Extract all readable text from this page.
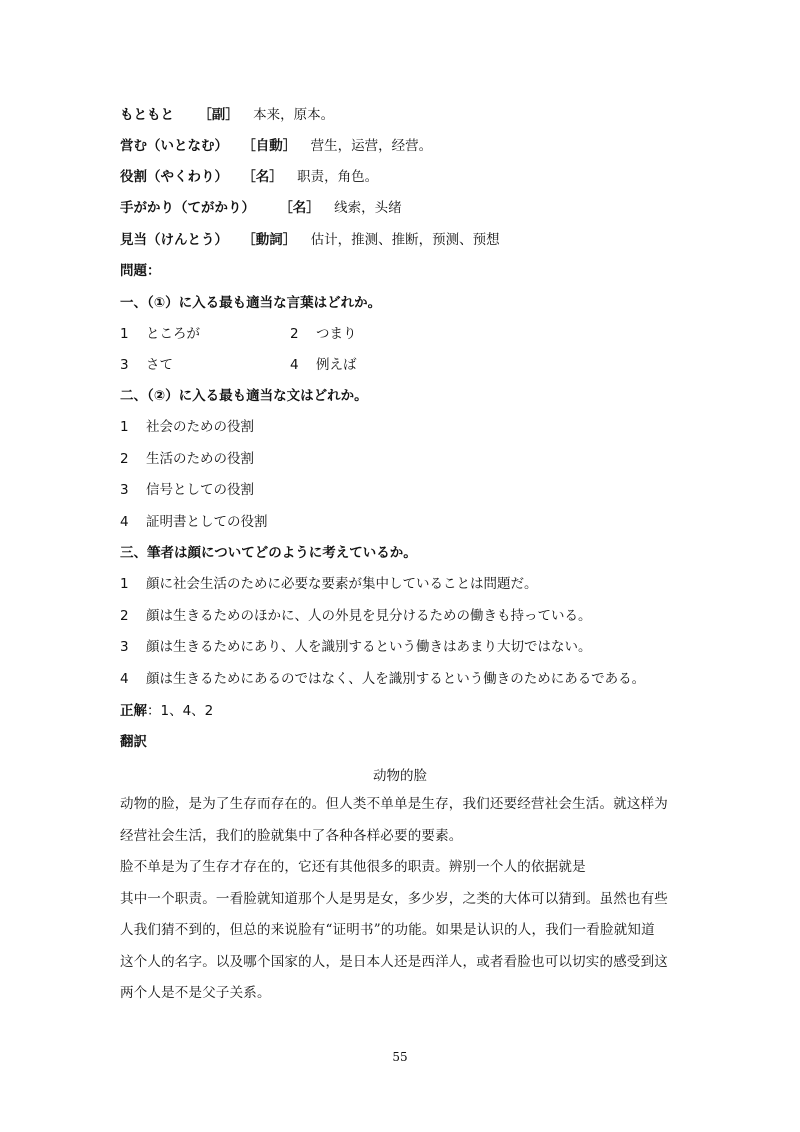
もともと ［副］ 本来，原本。
営む（いとなむ） ［自動］ 营生，运营，经营。
役割（やくわり） ［名］ 职责，角色。
手がかり（てがかり） ［名］ 线索，头绪
見当（けんとう） ［動詞］ 估计，推测、推断，预测、预想
問題：
一、（①）に入る最も適当な言葉はどれか。
1 ところが	2 つまり
3 さて	4 例えば
二、（②）に入る最も適当な文はどれか。
1 社会のための役割
2 生活のための役割
3 信号としての役割
4 証明書としての役割
三、筆者は顔についてどのように考えているか。
1 顔に社会生活のために必要な要素が集中していることは問題だ。
2 顔は生きるためのほかに、人の外見を見分けるための働きも持っている。
3 顔は生きるためにあり、人を識別するという働きはあまり大切ではない。
4 顔は生きるためにあるのではなく、人を識別するという働きのためにあるである。
正解：1、4、2
翻訳
动物的脸
动物的脸，是为了生存而存在的。但人类不单单是生存，我们还要经营社会生活。就这样为
经营社会生活，我们的脸就集中了各种各样必要的要素。
脸不单是为了生存才存在的，它还有其他很多的职责。辨别一个人的依据就是
其中一个职责。一看脸就知道那个人是男是女，多少岁，之类的大体可以猜到。虽然也有些
人我们猜不到的，但总的来说脸有“证明书”的功能。如果是认识的人，我们一看脸就知道
这个人的名字。以及哪个国家的人，是日本人还是西洋人，或者看脸也可以切实的感受到这
两个人是不是父子关系。
55
